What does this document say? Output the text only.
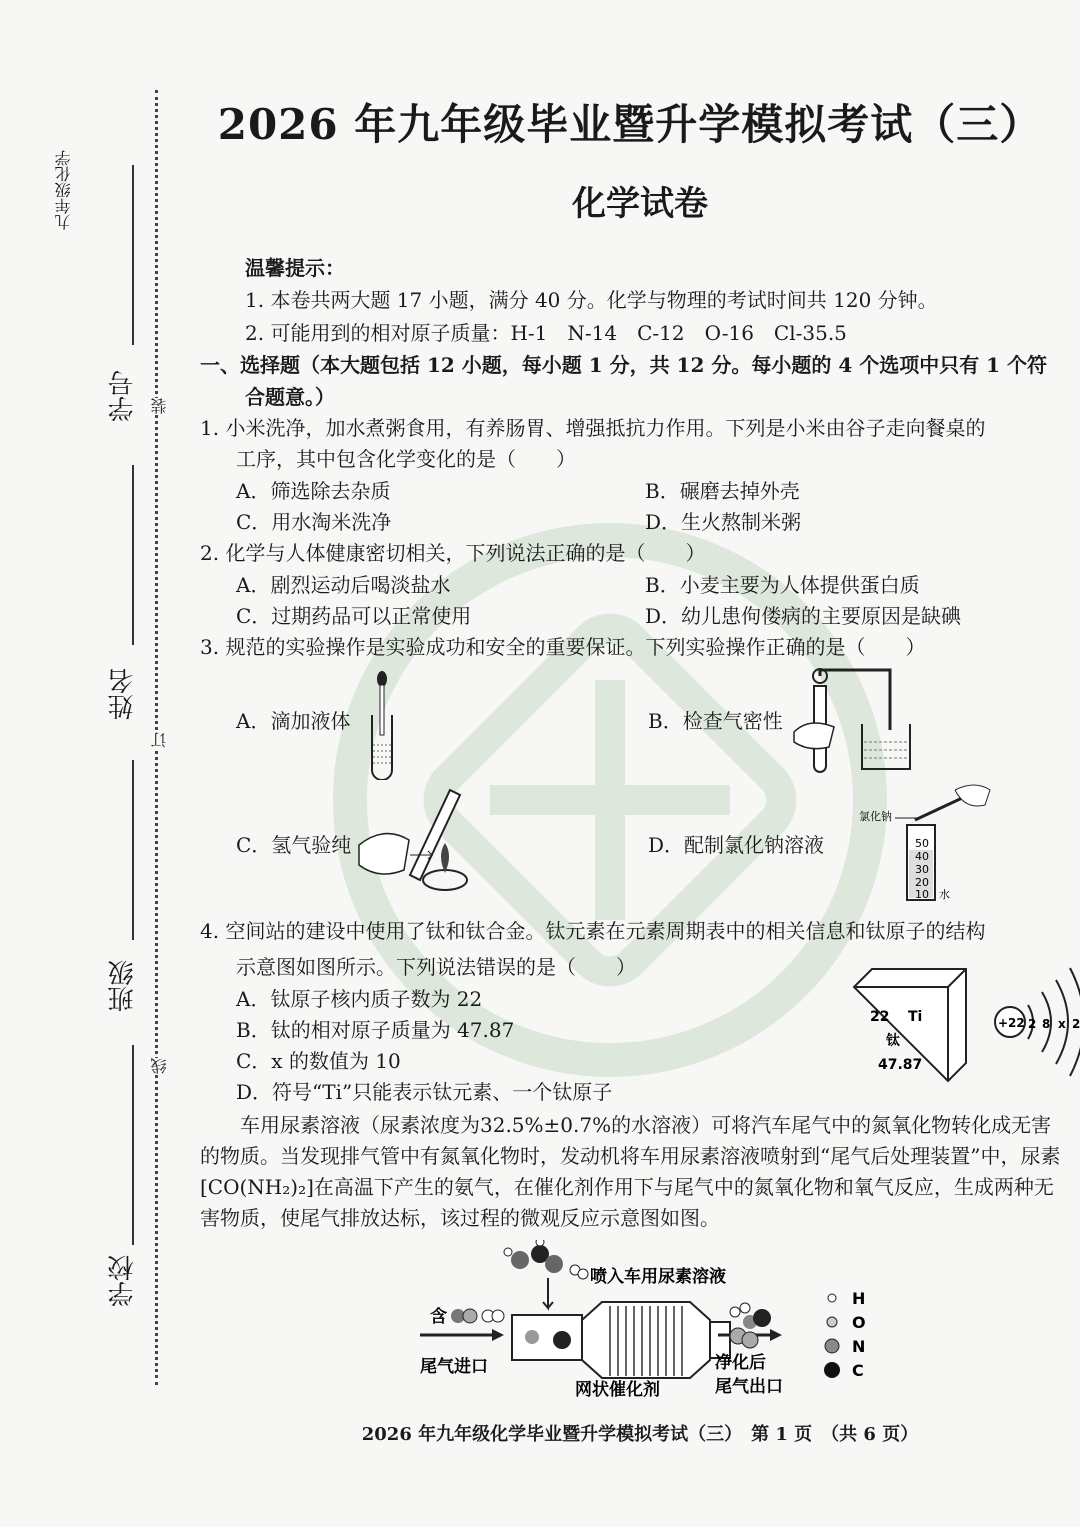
九年级化学
装
订
线
学号
姓名
班级
学校
2026 年九年级毕业暨升学模拟考试（三）
化学试卷
温馨提示：
1. 本卷共两大题 17 小题，满分 40 分。化学与物理的考试时间共 120 分钟。
2. 可能用到的相对原子质量：H-1　N-14　C-12　O-16　Cl-35.5
一、选择题（本大题包括 12 小题，每小题 1 分，共 12 分。每小题的 4 个选项中只有 1 个符
合题意。）
1. 小米洗净，加水煮粥食用，有养肠胃、增强抵抗力作用。下列是小米由谷子走向餐桌的
工序，其中包含化学变化的是（　　）
A．筛选除去杂质	B．碾磨去掉外壳
C．用水淘米洗净	D．生火熬制米粥
2. 化学与人体健康密切相关，下列说法正确的是（　　）
A．剧烈运动后喝淡盐水	B．小麦主要为人体提供蛋白质
C．过期药品可以正常使用	D．幼儿患佝偻病的主要原因是缺碘
3. 规范的实验操作是实验成功和安全的重要保证。下列实验操作正确的是（　　）
A．滴加液体	B．检查气密性
C．氢气验纯	D．配制氯化钠溶液
氯化钠
50
40
30
20
10 水
4. 空间站的建设中使用了钛和钛合金。钛元素在元素周期表中的相关信息和钛原子的结构
示意图如图所示。下列说法错误的是（　　）
A．钛原子核内质子数为 22
B．钛的相对原子质量为 47.87
C．x 的数值为 10
D．符号“Ti”只能表示钛元素、一个钛原子
22 Ti
钛
47.87
+22 2 8 x 2
车用尿素溶液（尿素浓度为32.5%±0.7%的水溶液）可将汽车尾气中的氮氧化物转化成无害的物质。当发现排气管中有氮氧化物时，发动机将车用尿素溶液喷射到“尾气后处理装置”中，尿素[CO(NH₂)₂]在高温下产生的氨气，在催化剂作用下与尾气中的氮氧化物和氧气反应，生成两种无害物质，使尾气排放达标，该过程的微观反应示意图如图。
喷入车用尿素溶液
含
尾气进口
网状催化剂
净化后
尾气出口
H
O
N
C
2026 年九年级化学毕业暨升学模拟考试（三）　第 1 页　（共 6 页）
